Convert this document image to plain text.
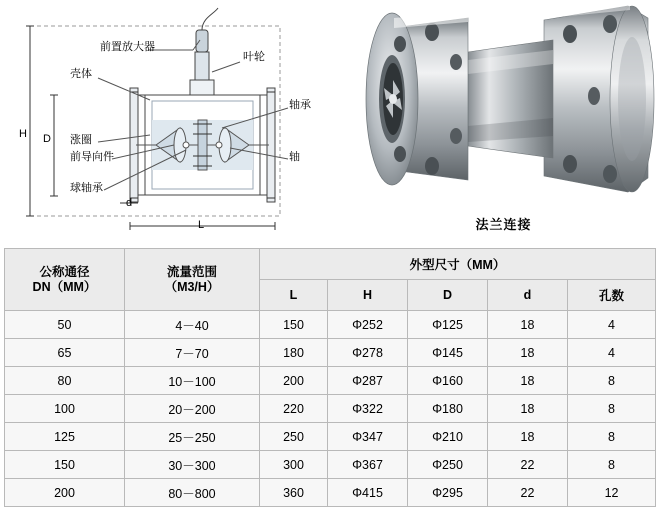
前置放大器
叶轮
壳体
轴承
涨圈
前导向件	轴
球轴承
H D
d
L	法兰连接
公称通径
DN（MM）

流量范围
（M3/H）
	外型尺寸（MM）
		L	H	D	d	孔数
50	4－40	150	Φ252	Φ125	18	4
65	7－70	180	Φ278	Φ145	18	4
80	10－100	200	Φ287	Φ160	18	8
100	20－200	220	Φ322	Φ180	18	8
125	25－250	250	Φ347	Φ210	18	8
150	30－300	300	Φ367	Φ250	22	8
200	80－800	360	Φ415	Φ295	22	12
